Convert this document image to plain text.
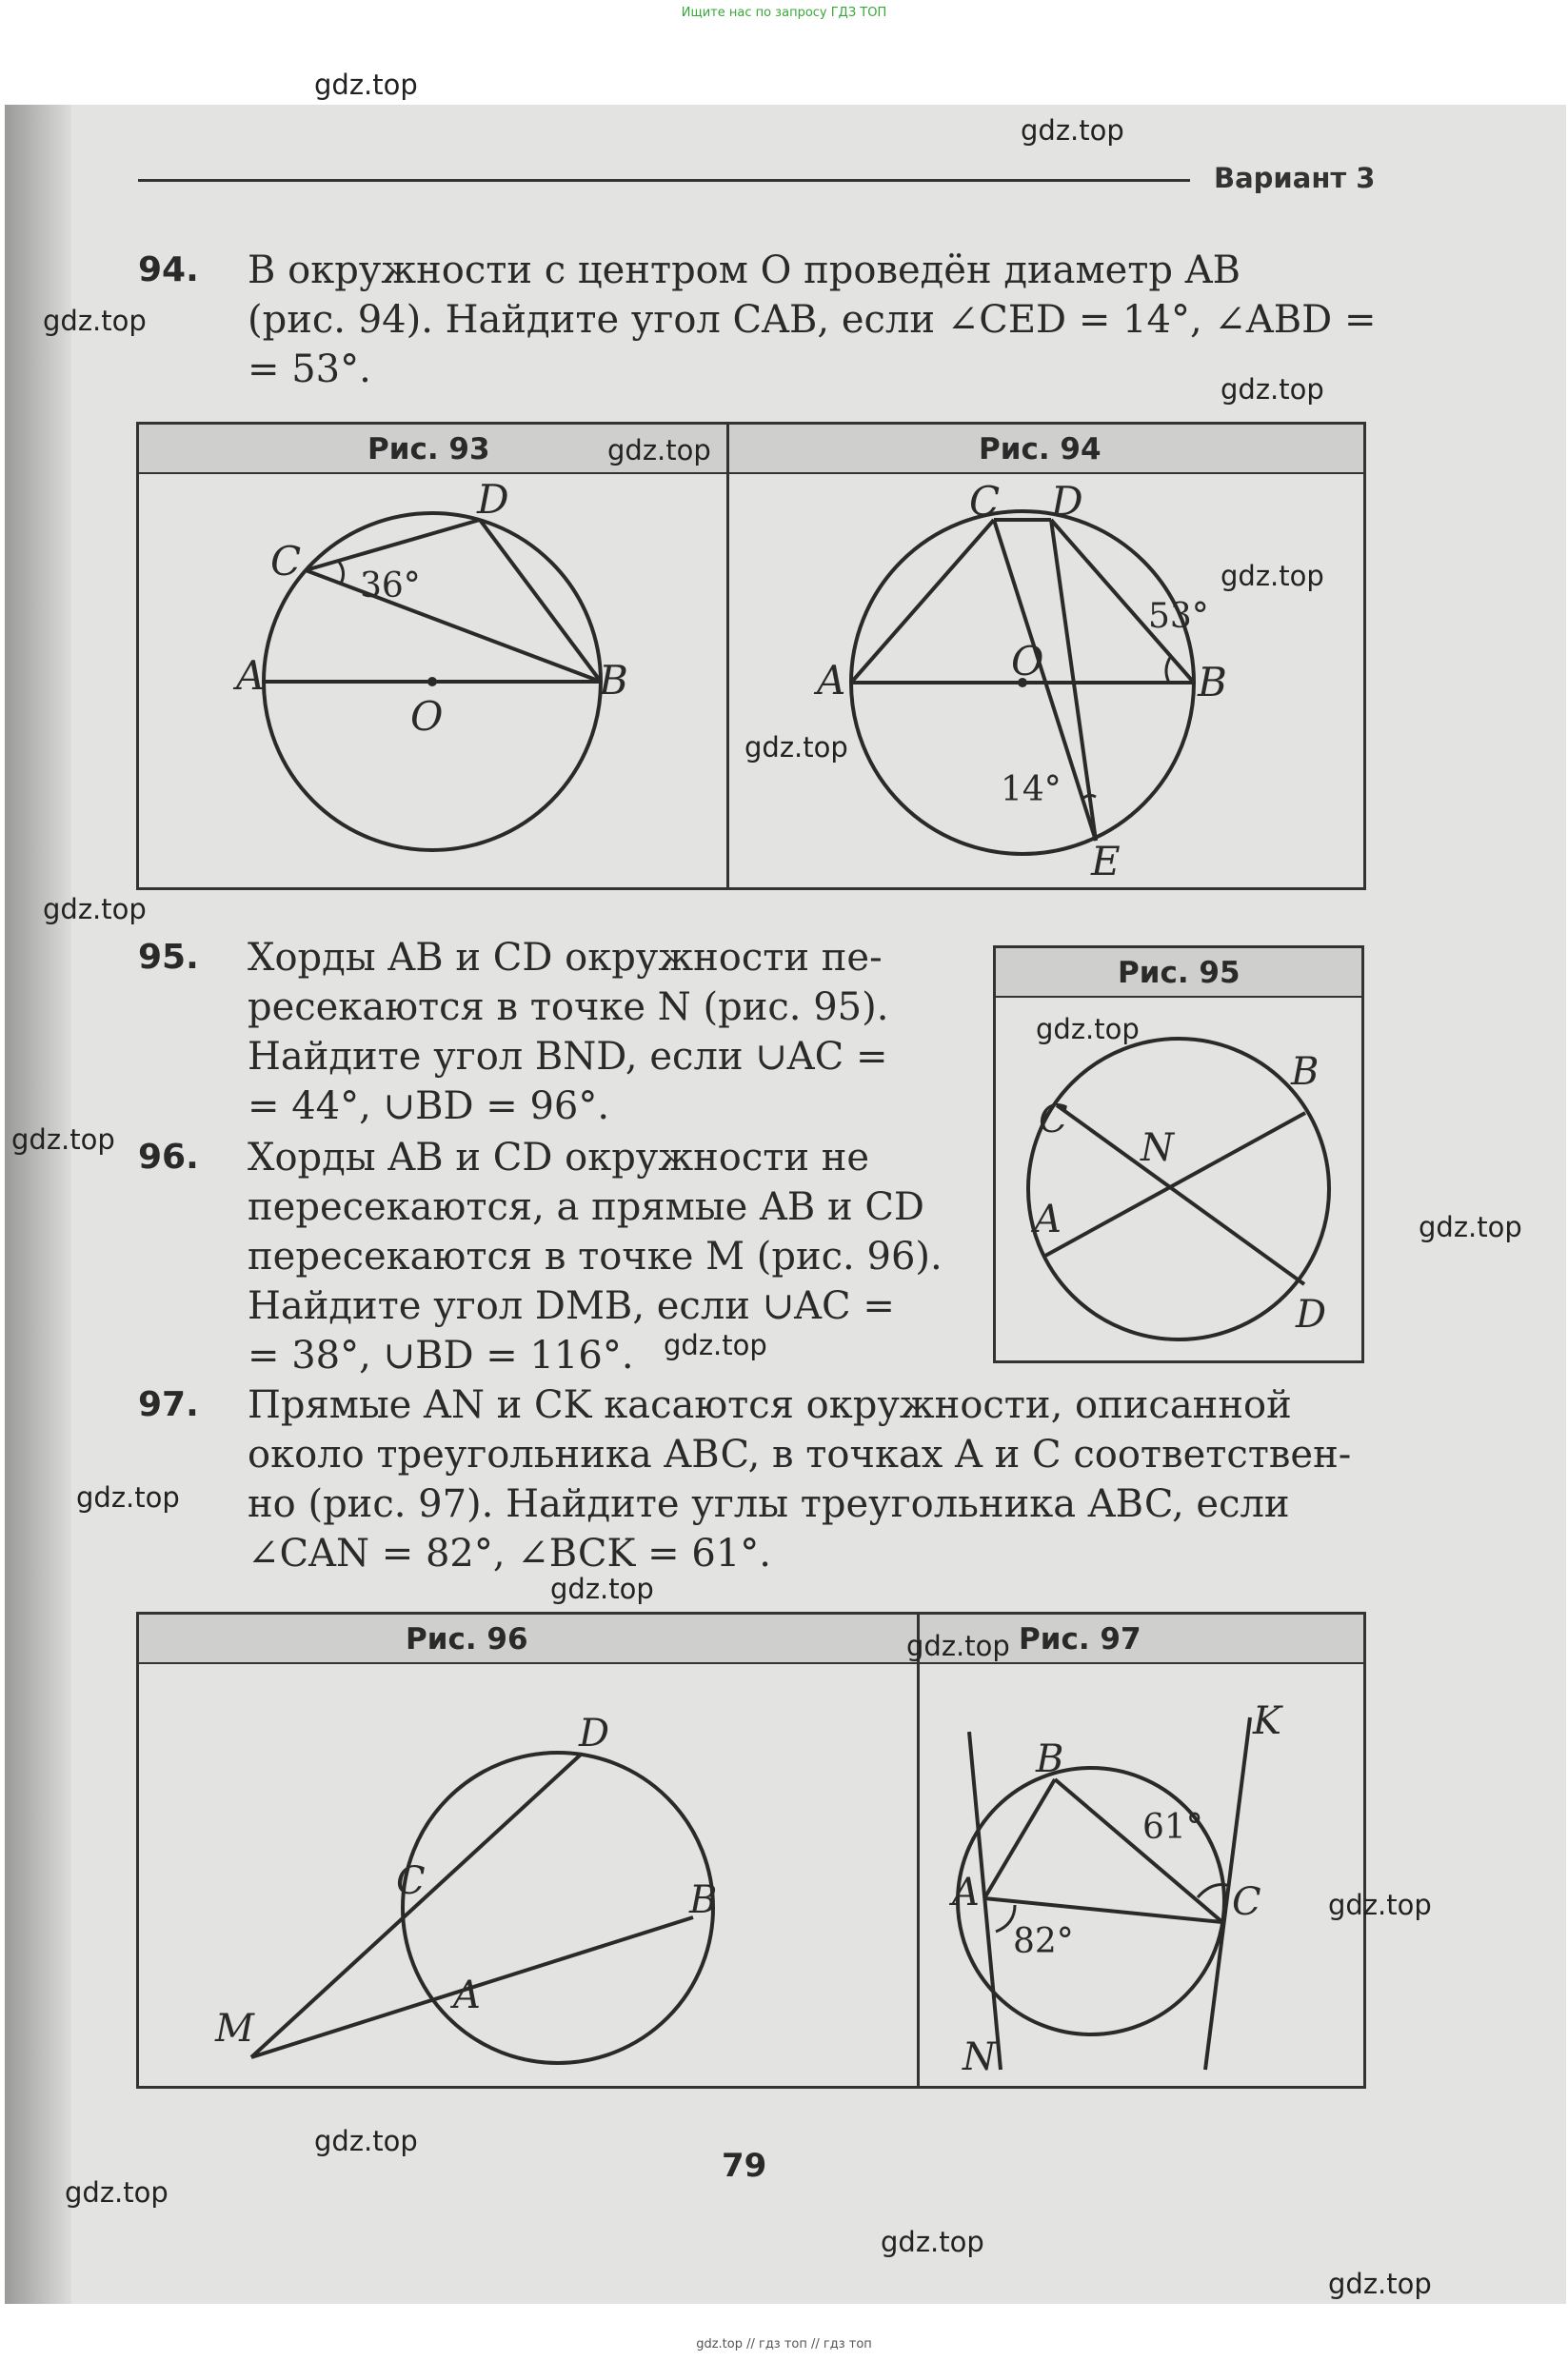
Ищите нас по запросу ГДЗ ТОП
Вариант 3
94. В окружности с центром O проведён диаметр AB
(рис. 94). Найдите угол CAB, если ∠CED = 14°, ∠ABD =
= 53°.
Рис. 93	Рис. 94
D
C
36°
A	B
O
C D
53°
A	O	B
14°
E
95. Хорды AB и CD окружности пе-
ресекаются в точке N (рис. 95).
Найдите угол BND, если ∪AC =
= 44°, ∪BD = 96°.
Рис. 95
B
C
N
A
D
96. Хорды AB и CD окружности не
пересекаются, а прямые AB и CD
пересекаются в точке M (рис. 96).
Найдите угол DMB, если ∪AC =
= 38°, ∪BD = 116°.
97. Прямые AN и CK касаются окружности, описанной
около треугольника ABC, в точках A и C соответствен-
но (рис. 97). Найдите углы треугольника ABC, если
∠CAN = 82°, ∠BCK = 61°.
Рис. 96	Рис. 97
D
C	B
A
M
K
B
61°
A	C
82°
N
79
gdz.top
gdz.top
gdz.top
gdz.top
gdz.top
gdz.top
gdz.top
gdz.top
gdz.top
gdz.top
gdz.top
gdz.top
gdz.top
gdz.top
gdz.top
gdz.top
gdz.top
gdz.top
gdz.top
gdz.top
gdz.top // гдз топ // гдз топ
